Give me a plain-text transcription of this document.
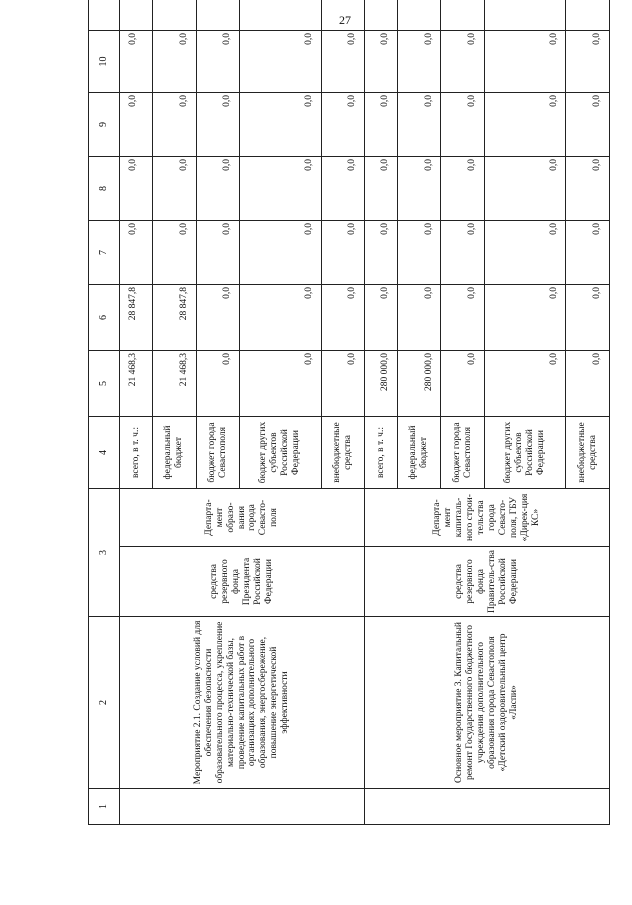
27
1	2	3		4	5	6	7	8	9	10	
	Мероприятие 2.1. Создание условий для обеспечения безопасности образовательного процесса, укрепление материально-технической базы, проведение капитальных работ в организациях дополнительного образования, энергосбережение, повышение энергетической эффективности	средства резервного фонда Президента Российской Федерации	Департа-мент образо-вания города Севасто-поля	всего, в т. ч.:	21 468,3	28 847,8	0,0	0,0	0,0	0,0	
				федеральный бюджет	21 468,3	28 847,8	0,0	0,0	0,0	0,0	
				бюджет города Севастополя	0,0	0,0	0,0	0,0	0,0	0,0	
				бюджет других субъектов Российской Федерации	0,0	0,0	0,0	0,0	0,0	0,0	
				внебюджетные средства	0,0	0,0	0,0	0,0	0,0	0,0	
	Основное мероприятие 3. Капитальный ремонт Государственного бюджетного учреждения дополнительного образования города Севастополя «Детский оздоровительный центр «Ласпи»	средства резервного фонда Правитель-ства Российской Федерации	Департа-мент капиталь-ного строи-тельства города Севасто-поля, ГБУ «Дирек-ция КС»	всего, в т. ч.:	280 000,0	0,0	0,0	0,0	0,0	0,0	
				федеральный бюджет	280 000,0	0,0	0,0	0,0	0,0	0,0	
				бюджет города Севастополя	0,0	0,0	0,0	0,0	0,0	0,0	
				бюджет других субъектов Российской Федерации	0,0	0,0	0,0	0,0	0,0	0,0	
				внебюджетные средства	0,0	0,0	0,0	0,0	0,0	0,0	
